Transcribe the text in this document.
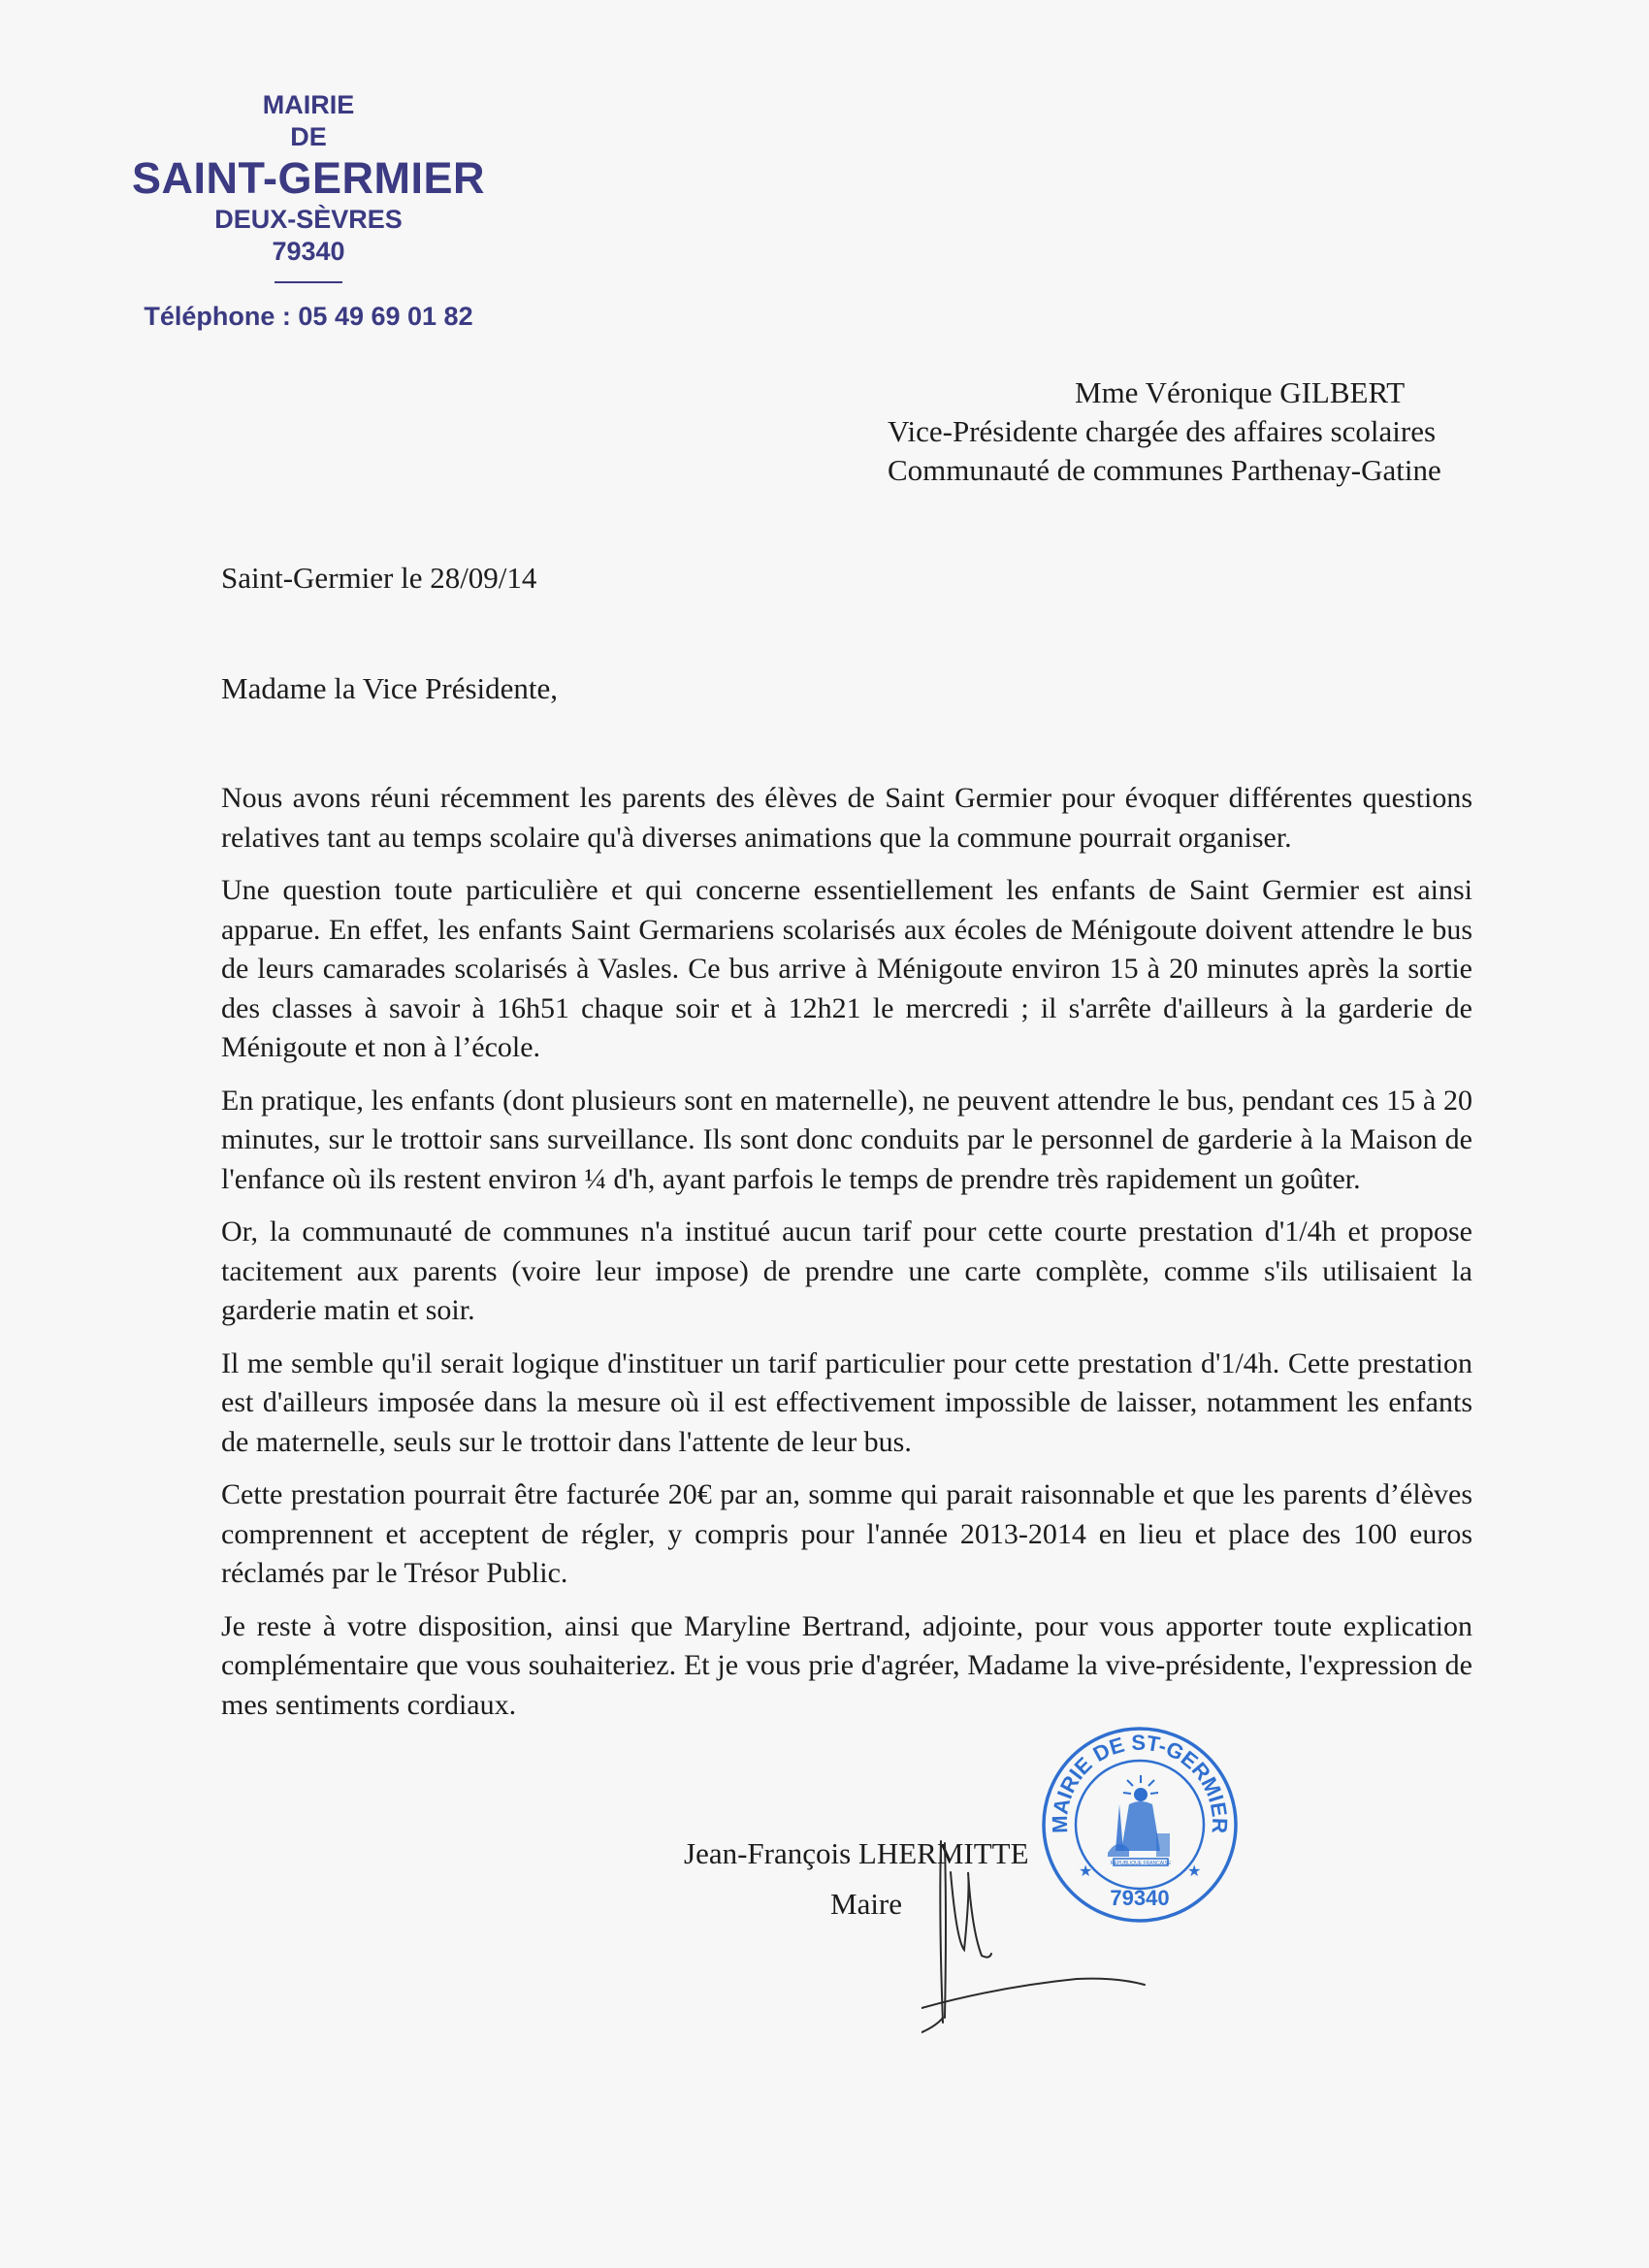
MAIRIE
DE
SAINT-GERMIER
DEUX-SÈVRES
79340
Téléphone : 05 49 69 01 82
Mme Véronique GILBERT
Vice-Présidente chargée des affaires scolaires
Communauté de communes Parthenay-Gatine
Saint-Germier le 28/09/14
Madame la Vice Présidente,

Nous avons réuni récemment les parents des élèves de Saint Germier pour évoquer différentes questions relatives tant au temps scolaire qu'à diverses animations que la commune pourrait organiser.

Une question toute particulière et qui concerne essentiellement les enfants de Saint Germier est ainsi apparue. En effet, les enfants Saint Germariens scolarisés aux écoles de Ménigoute doivent attendre le bus de leurs camarades scolarisés à Vasles. Ce bus arrive à Ménigoute environ 15 à 20 minutes après la sortie des classes à savoir à 16h51 chaque soir et à 12h21 le mercredi ; il s'arrête d'ailleurs à la garderie de Ménigoute et non à l’école.

En pratique, les enfants (dont plusieurs sont en maternelle), ne peuvent attendre le bus, pendant ces 15 à 20 minutes, sur le trottoir sans surveillance. Ils sont donc conduits par le personnel de garderie à la Maison de l'enfance où ils restent environ ¼ d'h, ayant parfois le temps de prendre très rapidement un goûter.

Or, la communauté de communes n'a institué aucun tarif pour cette courte prestation d'1/4h et propose tacitement aux parents (voire leur impose) de prendre une carte complète, comme s'ils utilisaient la garderie matin et soir.

Il me semble qu'il serait logique d'instituer un tarif particulier pour cette prestation d'1/4h. Cette prestation est d'ailleurs imposée dans la mesure où il est effectivement impossible de laisser, notamment les enfants de maternelle, seuls sur le trottoir dans l'attente de leur bus.

Cette prestation pourrait être facturée 20€ par an, somme qui parait raisonnable et que les parents d’élèves comprennent et acceptent de régler, y compris pour l'année 2013-2014 en lieu et place des 100 euros réclamés par le Trésor Public.

Je reste à votre disposition, ainsi que Maryline Bertrand, adjointe, pour vous apporter toute explication complémentaire que vous souhaiteriez. Et je vous prie d'agréer, Madame la vive-présidente, l'expression de mes sentiments cordiaux.

Jean-François LHERMITTE
Maire
MAIRIE DE ST-GERMIER
RÉPUBLIQUE FRANÇAISE
★	★
79340
